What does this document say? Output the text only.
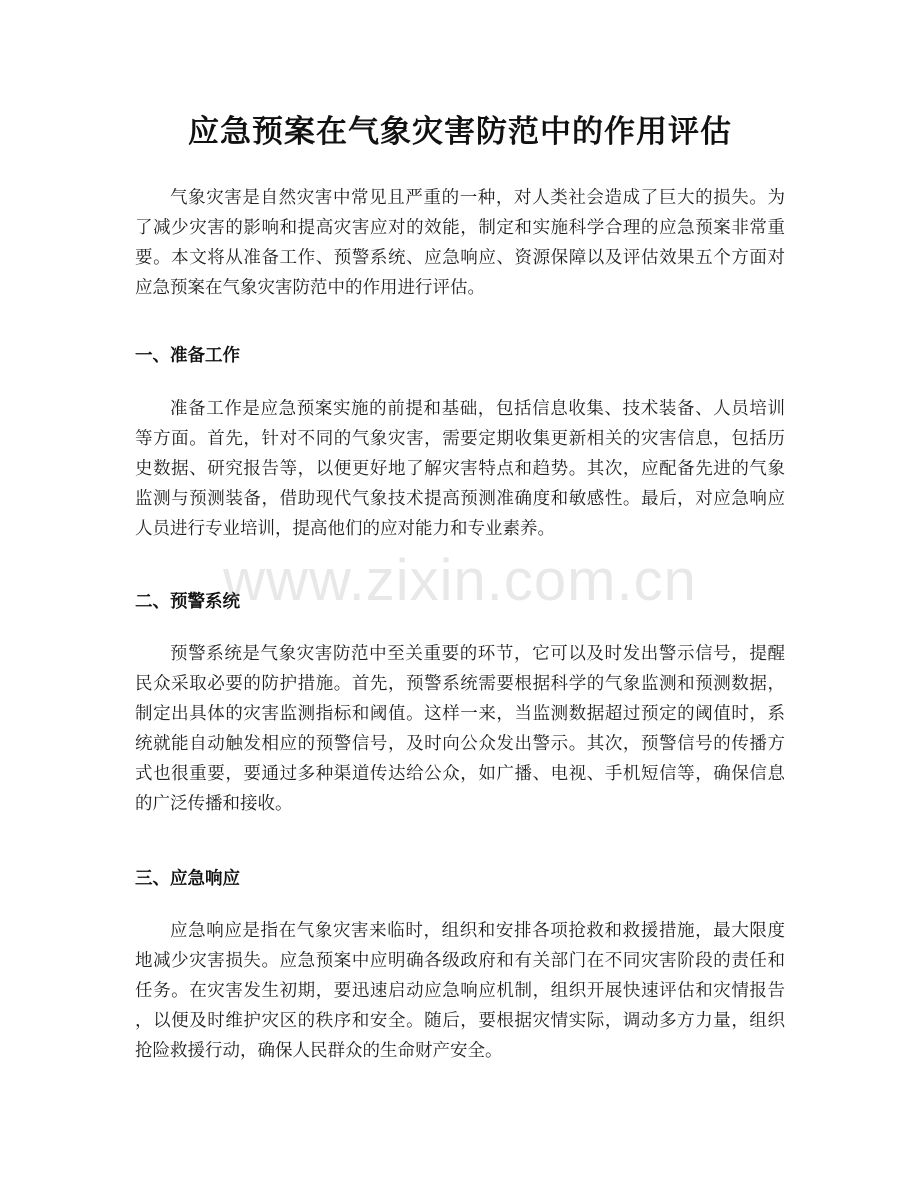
应急预案在气象灾害防范中的作用评估
气象灾害是自然灾害中常见且严重的一种，对人类社会造成了巨大的损失。为
了减少灾害的影响和提高灾害应对的效能，制定和实施科学合理的应急预案非常重
要。本文将从准备工作、预警系统、应急响应、资源保障以及评估效果五个方面对
应急预案在气象灾害防范中的作用进行评估。
一、准备工作
准备工作是应急预案实施的前提和基础，包括信息收集、技术装备、人员培训
等方面。首先，针对不同的气象灾害，需要定期收集更新相关的灾害信息，包括历
史数据、研究报告等，以便更好地了解灾害特点和趋势。其次，应配备先进的气象
监测与预测装备，借助现代气象技术提高预测准确度和敏感性。最后，对应急响应
人员进行专业培训，提高他们的应对能力和专业素养。
二、预警系统
预警系统是气象灾害防范中至关重要的环节，它可以及时发出警示信号，提醒
民众采取必要的防护措施。首先，预警系统需要根据科学的气象监测和预测数据，
制定出具体的灾害监测指标和阈值。这样一来，当监测数据超过预定的阈值时，系
统就能自动触发相应的预警信号，及时向公众发出警示。其次，预警信号的传播方
式也很重要，要通过多种渠道传达给公众，如广播、电视、手机短信等，确保信息
的广泛传播和接收。
三、应急响应
应急响应是指在气象灾害来临时，组织和安排各项抢救和救援措施，最大限度
地减少灾害损失。应急预案中应明确各级政府和有关部门在不同灾害阶段的责任和
任务。在灾害发生初期，要迅速启动应急响应机制，组织开展快速评估和灾情报告
，以便及时维护灾区的秩序和安全。随后，要根据灾情实际，调动多方力量，组织
抢险救援行动，确保人民群众的生命财产安全。
www.zixin.com.cn
